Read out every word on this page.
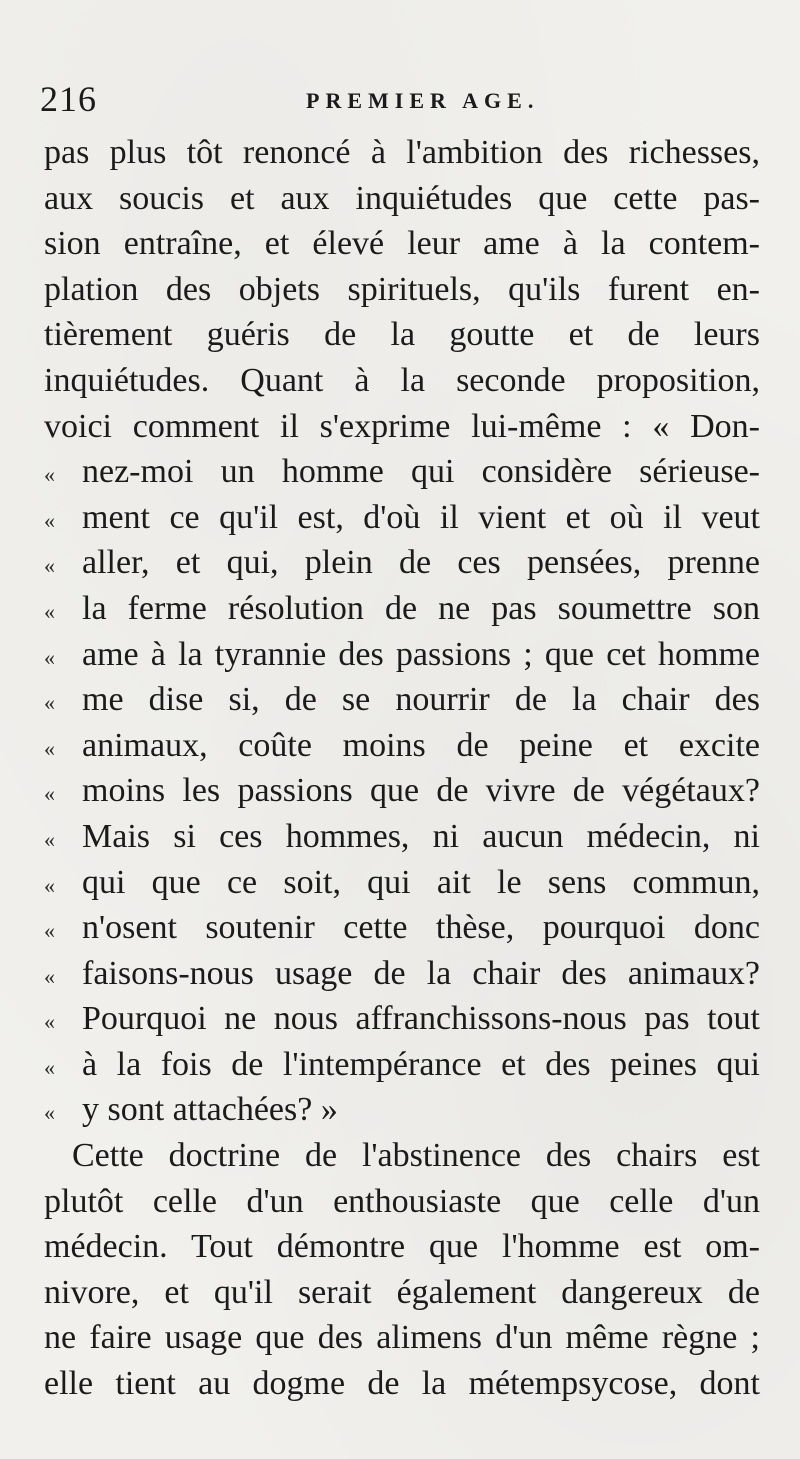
216	PREMIER AGE.
pas plus tôt renoncé à l'ambition des richesses,
aux soucis et aux inquiétudes que cette pas-
sion entraîne, et élevé leur ame à la contem-
plation des objets spirituels, qu'ils furent en-
tièrement guéris de la goutte et de leurs
inquiétudes. Quant à la seconde proposition,
voici comment il s'exprime lui-même : « Don-
« nez-moi un homme qui considère sérieuse-
« ment ce qu'il est, d'où il vient et où il veut
« aller, et qui, plein de ces pensées, prenne
« la ferme résolution de ne pas soumettre son
« ame à la tyrannie des passions ; que cet homme
« me dise si, de se nourrir de la chair des
« animaux, coûte moins de peine et excite
« moins les passions que de vivre de végétaux?
« Mais si ces hommes, ni aucun médecin, ni
« qui que ce soit, qui ait le sens commun,
« n'osent soutenir cette thèse, pourquoi donc
« faisons-nous usage de la chair des animaux?
« Pourquoi ne nous affranchissons-nous pas tout
« à la fois de l'intempérance et des peines qui
« y sont attachées? »
Cette doctrine de l'abstinence des chairs est
plutôt celle d'un enthousiaste que celle d'un
médecin. Tout démontre que l'homme est om-
nivore, et qu'il serait également dangereux de
ne faire usage que des alimens d'un même règne ;
elle tient au dogme de la métempsycose, dont
